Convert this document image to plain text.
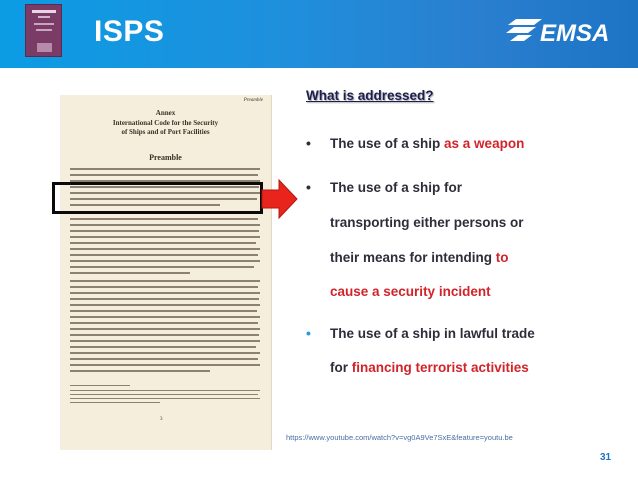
ISPS	EMSA
Preamble
Annex
International Code for the Security
of Ships and of Port Facilities
Preamble
3
What is addressed?
• The use of a ship as a weapon
• The use of a ship for
transporting either persons or
their means for intending to
cause a security incident
• The use of a ship in lawful trade
for financing terrorist activities
https://www.youtube.com/watch?v=vg0A9Ve7SxE&feature=youtu.be
31
